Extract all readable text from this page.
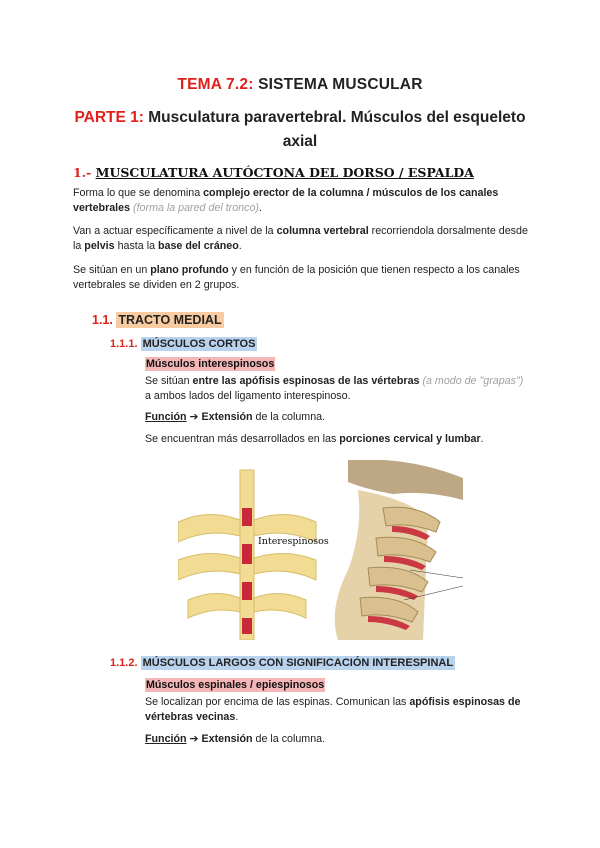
TEMA 7.2: SISTEMA MUSCULAR
PARTE 1: Musculatura paravertebral. Músculos del esqueleto axial
1.- MUSCULATURA AUTÓCTONA DEL DORSO / ESPALDA

Forma lo que se denomina complejo erector de la columna / músculos de los canales vertebrales (forma la pared del tronco).

Van a actuar específicamente a nivel de la columna vertebral recorriendola dorsalmente desde la pelvis hasta la base del cráneo.

Se sitúan en un plano profundo y en función de la posición que tienen respecto a los canales vertebrales se dividen en 2 grupos.

1.1. TRACTO MEDIAL
1.1.1. MÚSCULOS CORTOS
Músculos interespinosos

Se sitúan entre las apófisis espinosas de las vértebras (a modo de "grapas") a ambos lados del ligamento interespinoso.

Función ➔ Extensión de la columna.

Se encuentran más desarrollados en las porciones cervical y lumbar.

Interespinosos
1.1.2. MÚSCULOS LARGOS CON SIGNIFICACIÓN INTERESPINAL
Músculos espinales / epiespinosos

Se localizan por encima de las espinas. Comunican las apófisis espinosas de vértebras vecinas.

Función ➔ Extensión de la columna.
